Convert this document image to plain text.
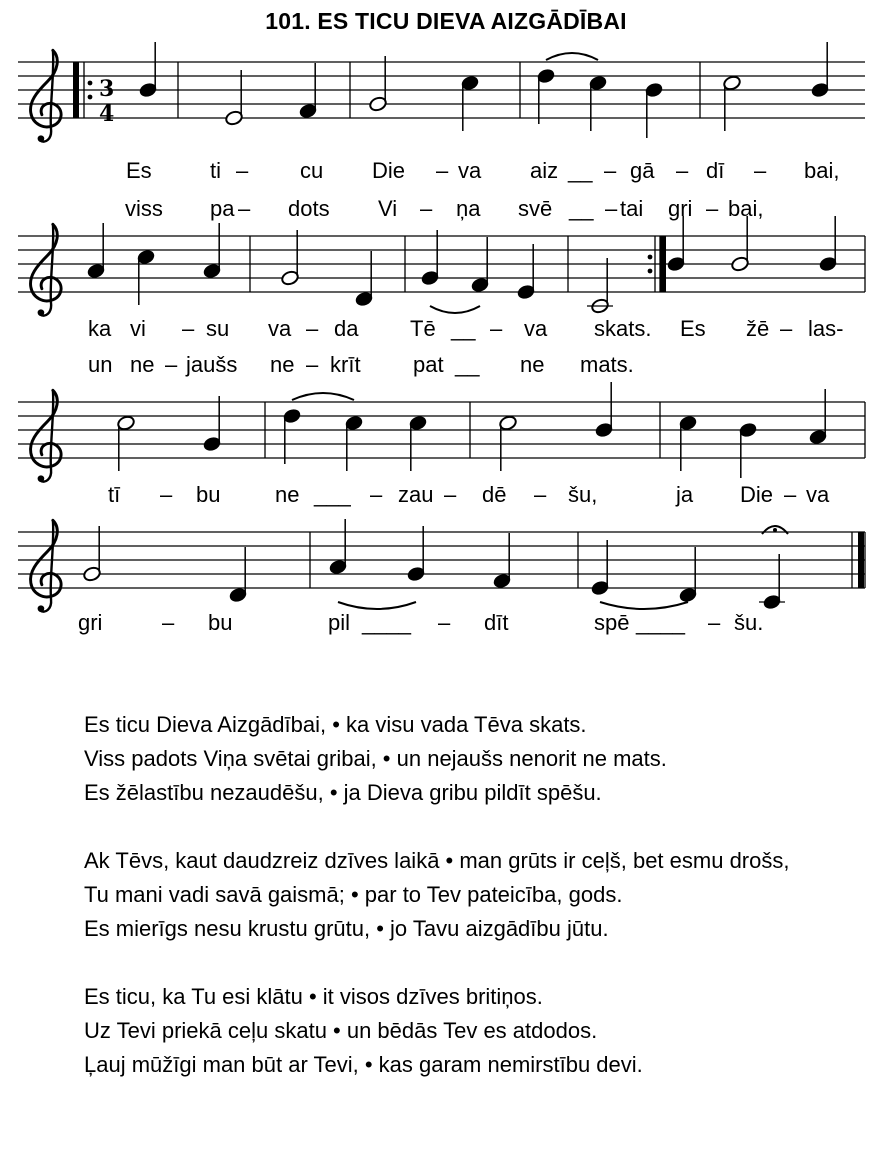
101. ES TICU DIEVA AIZGĀDĪBAI
3
4
Es	ti – cu Die – va aiz __ – gā – dī – bai,
viss pa – dots Vi – ņa svē __ – tai gri – bai,
ka vi – su va – da Tē __ – va skats. Es žē – las-
un ne – jaušs ne – krīt pat __ ne mats.
tī – bu ne ___ – zau – dē – šu,	ja Die – va
gri	– bu	pil ____ – dīt	spē ____ – šu.
Es ticu Dieva Aizgādībai, • ka visu vada Tēva skats.
Viss padots Viņa svētai gribai, • un nejaušs nenorit ne mats.
Es žēlastību nezaudēšu, • ja Dieva gribu pildīt spēšu.
Ak Tēvs, kaut daudzreiz dzīves laikā • man grūts ir ceļš, bet esmu drošs,
Tu mani vadi savā gaismā; • par to Tev pateicība, gods.
Es mierīgs nesu krustu grūtu, • jo Tavu aizgādību jūtu.
Es ticu, ka Tu esi klātu • it visos dzīves britiņos.
Uz Tevi priekā ceļu skatu • un bēdās Tev es atdodos.
Ļauj mūžīgi man būt ar Tevi, • kas garam nemirstību devi.
